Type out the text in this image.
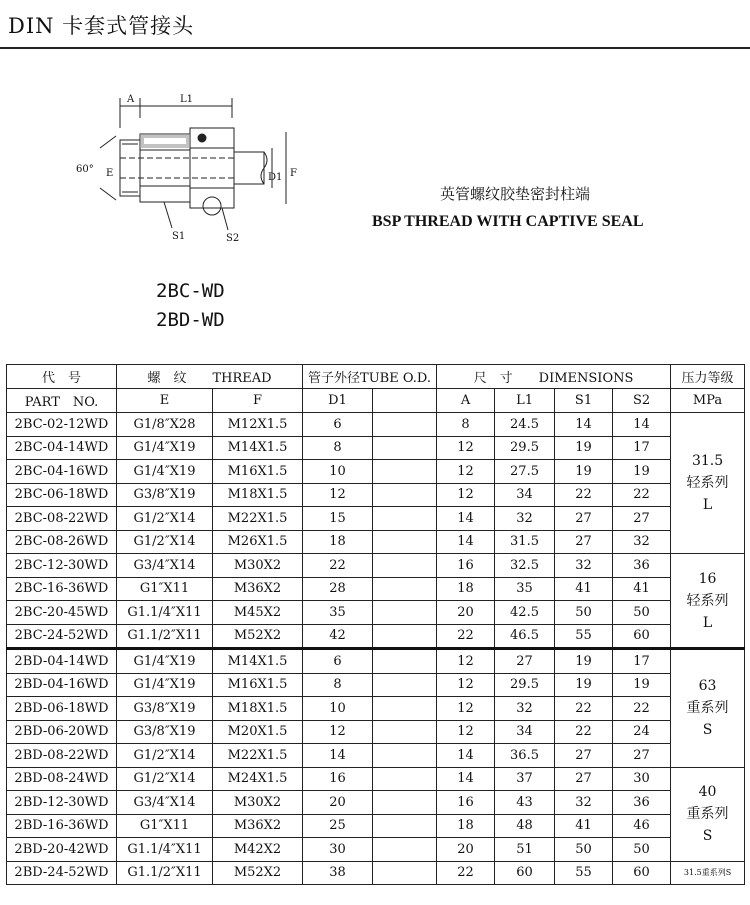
DIN 卡套式管接头
A	L1
60° E	D1 F
S1	S2
英管螺纹胶垫密封柱端
BSP THREAD WITH CAPTIVE SEAL
2BC-WD
2BD-WD
代　号	螺　纹　　THREAD		管子外径TUBE O.D.		尺　寸　　DIMENSIONS				压力等级
PART　NO.	E	F	D1		A	L1	S1	S2	MPa
2BC-02-12WD	G1/8″X28	M12X1.5	6		8	24.5	14	14	31.5
轻系列
L

2BC-04-14WD	G1/4″X19	M14X1.5	8		12	29.5	19	17	
2BC-04-16WD	G1/4″X19	M16X1.5	10		12	27.5	19	19	
2BC-06-18WD	G3/8″X19	M18X1.5	12		12	34	22	22	
2BC-08-22WD	G1/2″X14	M22X1.5	15		14	32	27	27	
2BC-08-26WD	G1/2″X14	M26X1.5	18		14	31.5	27	32	
2BC-12-30WD	G3/4″X14	M30X2	22		16	32.5	32	36	16
轻系列
L

2BC-16-36WD	G1″X11	M36X2	28		18	35	41	41	
2BC-20-45WD	G1.1/4″X11	M45X2	35		20	42.5	50	50	
2BC-24-52WD	G1.1/2″X11	M52X2	42		22	46.5	55	60	
2BD-04-14WD	G1/4″X19	M14X1.5	6		12	27	19	17	63
重系列
S

2BD-04-16WD	G1/4″X19	M16X1.5	8		12	29.5	19	19	
2BD-06-18WD	G3/8″X19	M18X1.5	10		12	32	22	22	
2BD-06-20WD	G3/8″X19	M20X1.5	12		12	34	22	24	
2BD-08-22WD	G1/2″X14	M22X1.5	14		14	36.5	27	27	
2BD-08-24WD	G1/2″X14	M24X1.5	16		14	37	27	30	40
重系列
S

2BD-12-30WD	G3/4″X14	M30X2	20		16	43	32	36	
2BD-16-36WD	G1″X11	M36X2	25		18	48	41	46	
2BD-20-42WD	G1.1/4″X11	M42X2	30		20	51	50	50	
2BD-24-52WD	G1.1/2″X11	M52X2	38		22	60	55	60	31.5重系列S
